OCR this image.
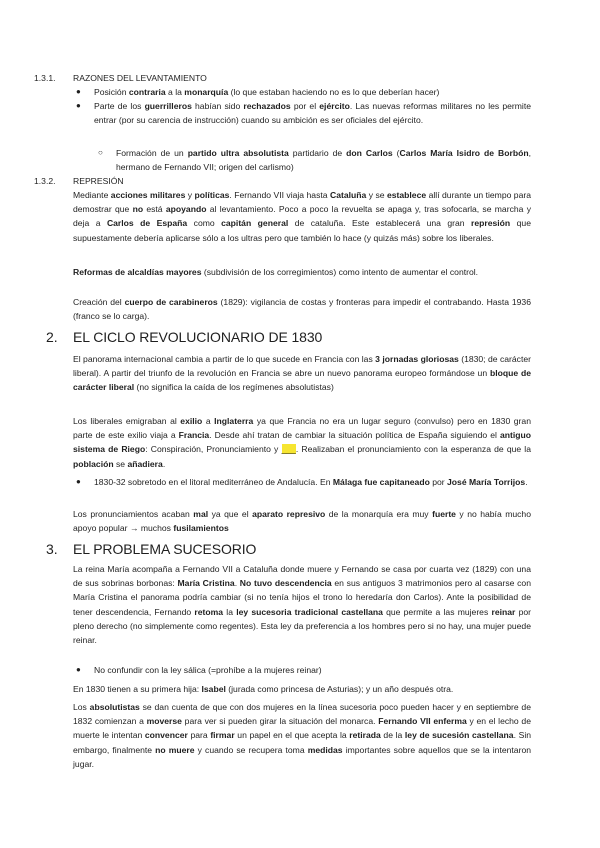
1.3.1. RAZONES DEL LEVANTAMIENTO
● Posición contraria a la monarquía (lo que estaban haciendo no es lo que deberían hacer)

● Parte de los guerrilleros habían sido rechazados por el ejército. Las nuevas reformas militares no les permite entrar (por su carencia de instrucción) cuando su ambición es ser oficiales del ejército.

○ Formación de un partido ultra absolutista partidario de don Carlos (Carlos María Isidro de Borbón, hermano de Fernando VII; origen del carlismo)

1.3.2. REPRESIÓN

Mediante acciones militares y políticas. Fernando VII viaja hasta Cataluña y se establece allí durante un tiempo para demostrar que no está apoyando al levantamiento. Poco a poco la revuelta se apaga y, tras sofocarla, se marcha y deja a Carlos de España como capitán general de cataluña. Este establecerá una gran represión que supuestamente debería aplicarse sólo a los ultras pero que también lo hace (y quizás más) sobre los liberales.

Reformas de alcaldías mayores (subdivisión de los corregimientos) como intento de aumentar el control.

Creación del cuerpo de carabineros (1829): vigilancia de costas y fronteras para impedir el contrabando. Hasta 1936 (franco se lo carga).

2. EL CICLO REVOLUCIONARIO DE 1830

El panorama internacional cambia a partir de lo que sucede en Francia con las 3 jornadas gloriosas (1830; de carácter liberal). A partir del triunfo de la revolución en Francia se abre un nuevo panorama europeo formándose un bloque de carácter liberal (no significa la caída de los regímenes absolutistas)

Los liberales emigraban al exilio a Inglaterra ya que Francia no era un lugar seguro (convulso) pero en 1830 gran parte de este exilio viaja a Francia. Desde ahí tratan de cambiar la situación política de España siguiendo el antiguo sistema de Riego: Conspiración, Pronunciamiento y ___. Realizaban el pronunciamiento con la esperanza de que la población se añadiera.

● 1830-32 sobretodo en el litoral mediterráneo de Andalucía. En Málaga fue capitaneado por José María Torrijos.

Los pronunciamientos acaban mal ya que el aparato represivo de la monarquía era muy fuerte y no había mucho apoyo popular → muchos fusilamientos

3. EL PROBLEMA SUCESORIO

La reina María acompaña a Fernando VII a Cataluña donde muere y Fernando se casa por cuarta vez (1829) con una de sus sobrinas borbonas: María Cristina. No tuvo descendencia en sus antiguos 3 matrimonios pero al casarse con María Cristina el panorama podría cambiar (si no tenía hijos el trono lo heredaría don Carlos). Ante la posibilidad de tener descendencia, Fernando retoma la ley sucesoria tradicional castellana que permite a las mujeres reinar por pleno derecho (no simplemente como regentes). Esta ley da preferencia a los hombres pero si no hay, una mujer puede reinar.

● No confundir con la ley sálica (=prohíbe a la mujeres reinar)

En 1830 tienen a su primera hija: Isabel (jurada como princesa de Asturias); y un año después otra.

Los absolutistas se dan cuenta de que con dos mujeres en la línea sucesoria poco pueden hacer y en septiembre de 1832 comienzan a moverse para ver si pueden girar la situación del monarca. Fernando VII enferma y en el lecho de muerte le intentan convencer para firmar un papel en el que acepta la retirada de la ley de sucesión castellana. Sin embargo, finalmente no muere y cuando se recupera toma medidas importantes sobre aquellos que se la intentaron jugar.
